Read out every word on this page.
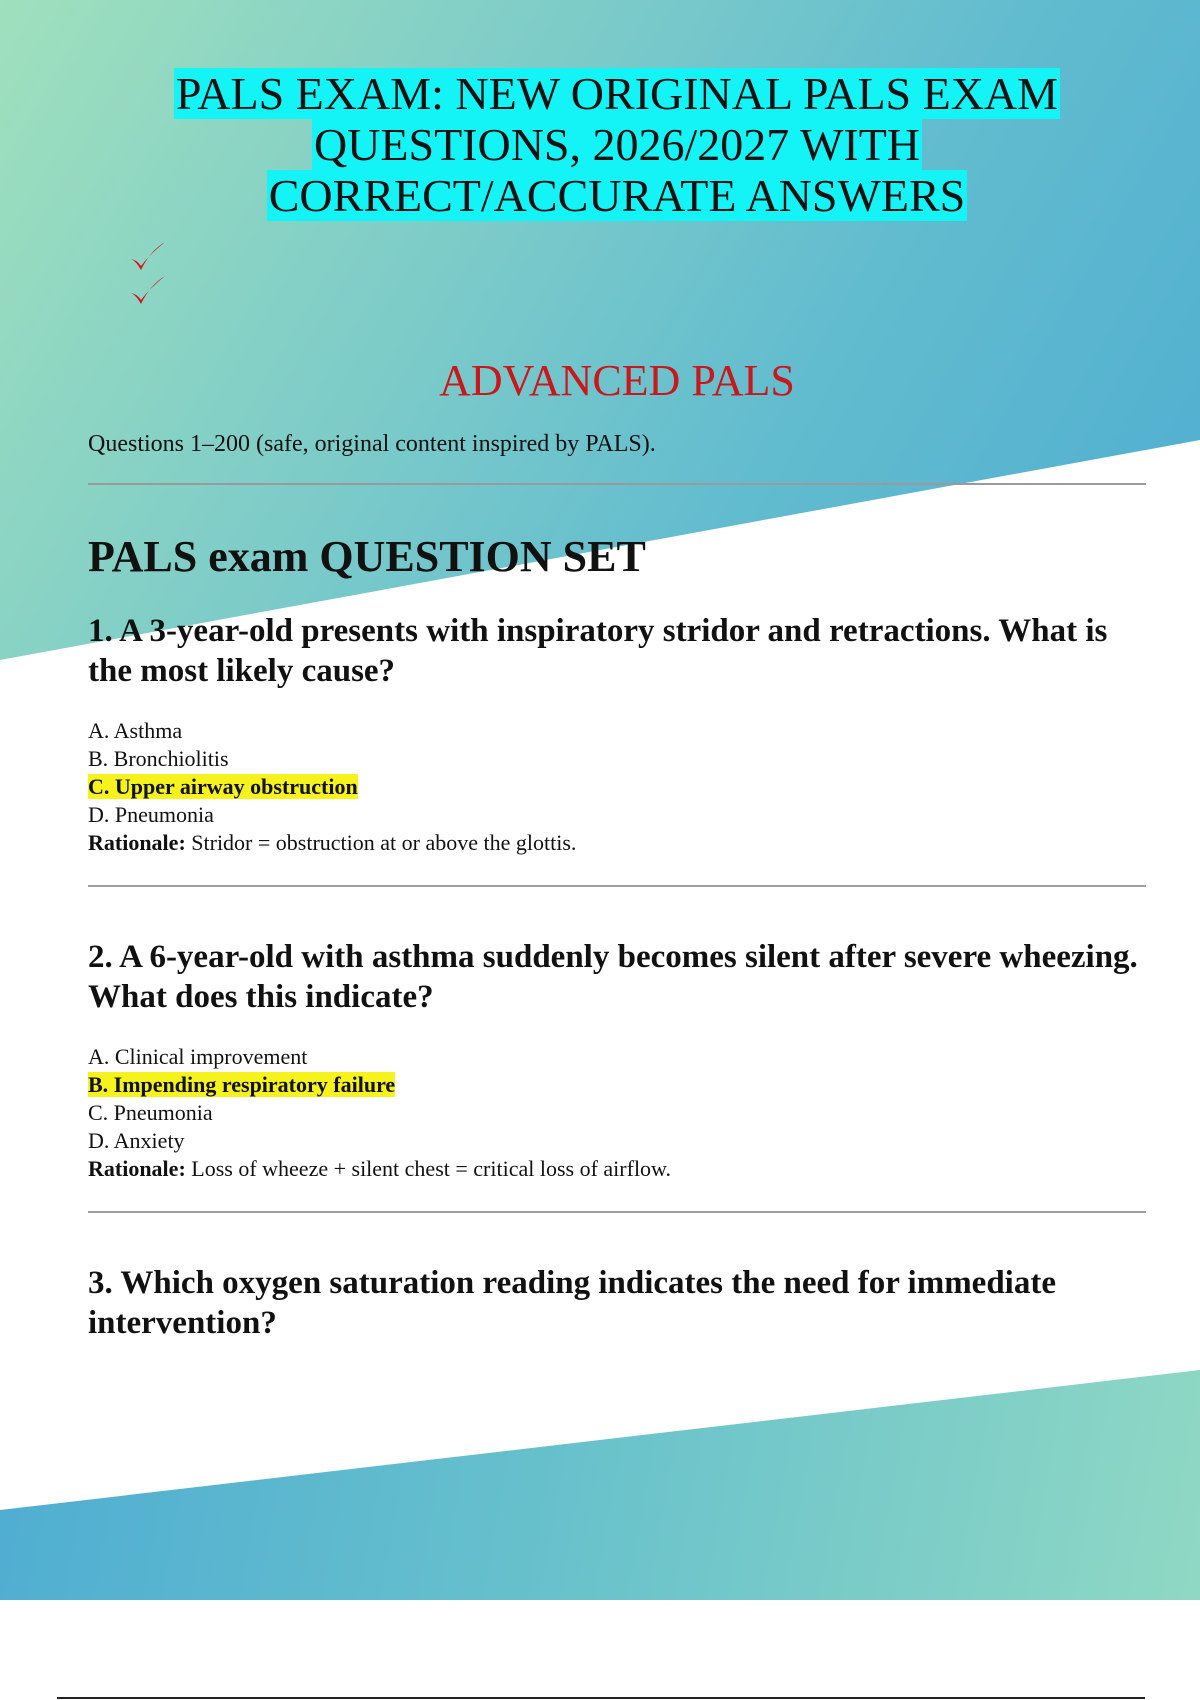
PALS EXAM: NEW ORIGINAL PALS EXAM
QUESTIONS, 2026/2027 WITH
CORRECT/ACCURATE ANSWERS
ADVANCED PALS

Questions 1–200 (safe, original content inspired by PALS).

PALS exam QUESTION SET
1. A 3-year-old presents with inspiratory stridor and retractions. What is the most likely cause?
A. Asthma
B. Bronchiolitis
C. Upper airway obstruction
D. Pneumonia
Rationale: Stridor = obstruction at or above the glottis.
2. A 6-year-old with asthma suddenly becomes silent after severe wheezing. What does this indicate?
A. Clinical improvement
B. Impending respiratory failure
C. Pneumonia
D. Anxiety
Rationale: Loss of wheeze + silent chest = critical loss of airflow.
3. Which oxygen saturation reading indicates the need for immediate intervention?
